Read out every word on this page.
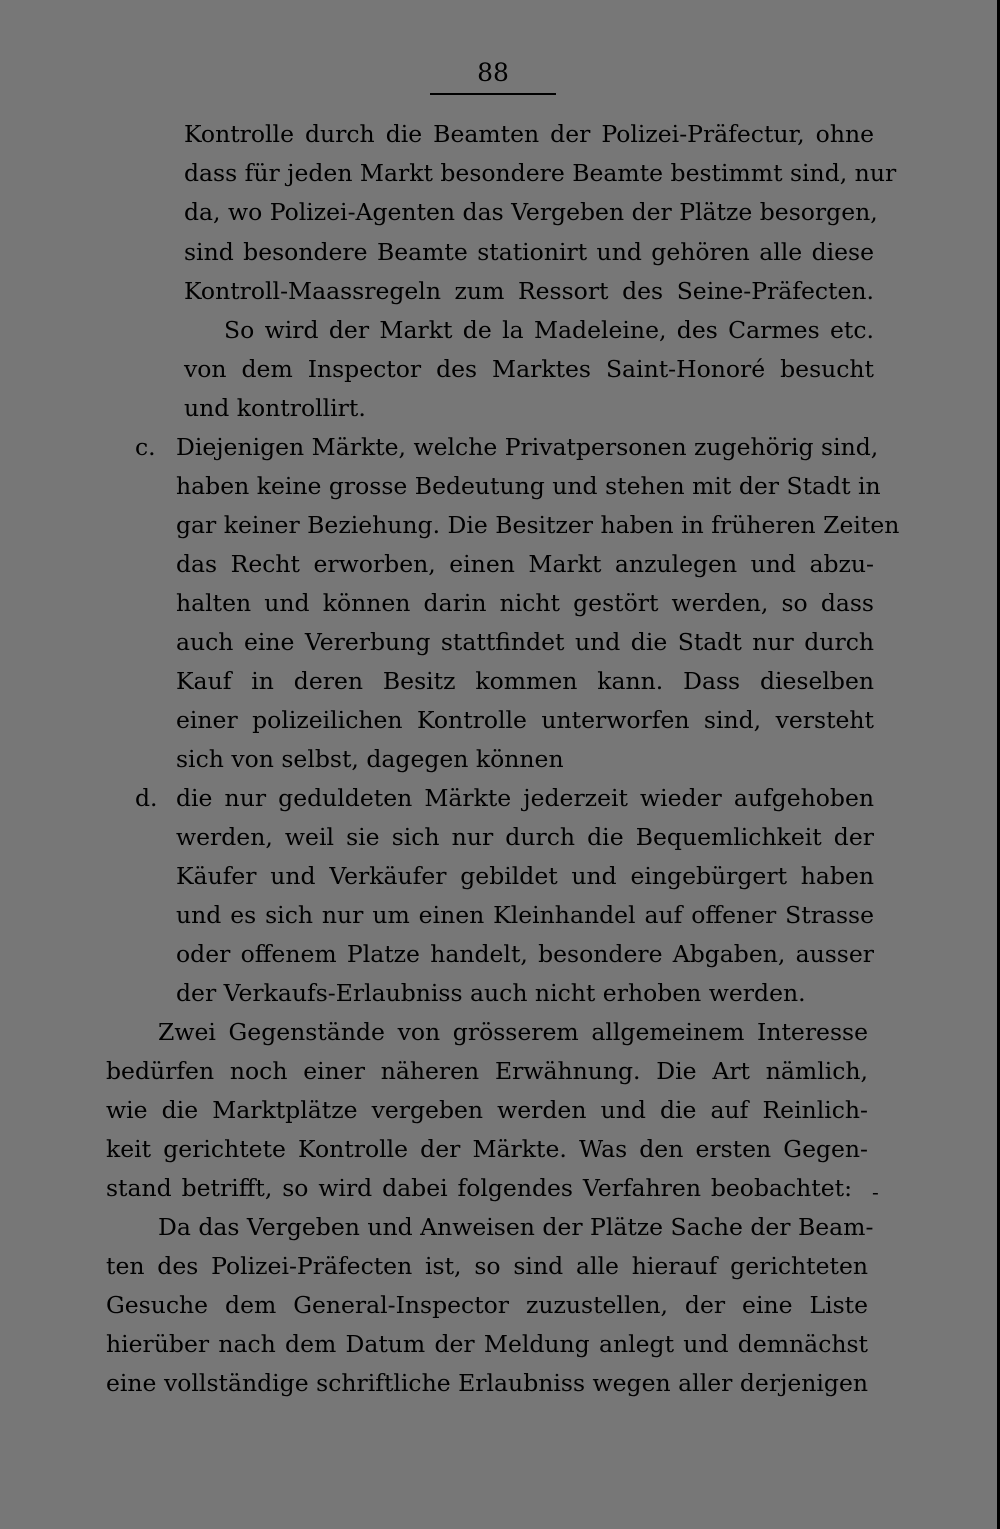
88
Kontrolle durch die Beamten der Polizei-Präfectur, ohne
dass für jeden Markt besondere Beamte bestimmt sind, nur
da, wo Polizei-Agenten das Vergeben der Plätze besorgen,
sind besondere Beamte stationirt und gehören alle diese
Kontroll-Maassregeln zum Ressort des Seine-Präfecten.
So wird der Markt de la Madeleine, des Carmes etc.
von dem Inspector des Marktes Saint-Honoré besucht
und kontrollirt.
c. Diejenigen Märkte, welche Privatpersonen zugehörig sind,
haben keine grosse Bedeutung und stehen mit der Stadt in
gar keiner Beziehung. Die Besitzer haben in früheren Zeiten
das Recht erworben, einen Markt anzulegen und abzu-
halten und können darin nicht gestört werden, so dass
auch eine Vererbung stattfindet und die Stadt nur durch
Kauf in deren Besitz kommen kann. Dass dieselben
einer polizeilichen Kontrolle unterworfen sind, versteht
sich von selbst, dagegen können
d. die nur geduldeten Märkte jederzeit wieder aufgehoben
werden, weil sie sich nur durch die Bequemlichkeit der
Käufer und Verkäufer gebildet und eingebürgert haben
und es sich nur um einen Kleinhandel auf offener Strasse
oder offenem Platze handelt, besondere Abgaben, ausser
der Verkaufs-Erlaubniss auch nicht erhoben werden.
Zwei Gegenstände von grösserem allgemeinem Interesse
bedürfen noch einer näheren Erwähnung. Die Art nämlich,
wie die Marktplätze vergeben werden und die auf Reinlich-
keit gerichtete Kontrolle der Märkte. Was den ersten Gegen-
stand betrifft, so wird dabei folgendes Verfahren beobachtet: -
Da das Vergeben und Anweisen der Plätze Sache der Beam-
ten des Polizei-Präfecten ist, so sind alle hierauf gerichteten
Gesuche dem General-Inspector zuzustellen, der eine Liste
hierüber nach dem Datum der Meldung anlegt und demnächst
eine vollständige schriftliche Erlaubniss wegen aller derjenigen
